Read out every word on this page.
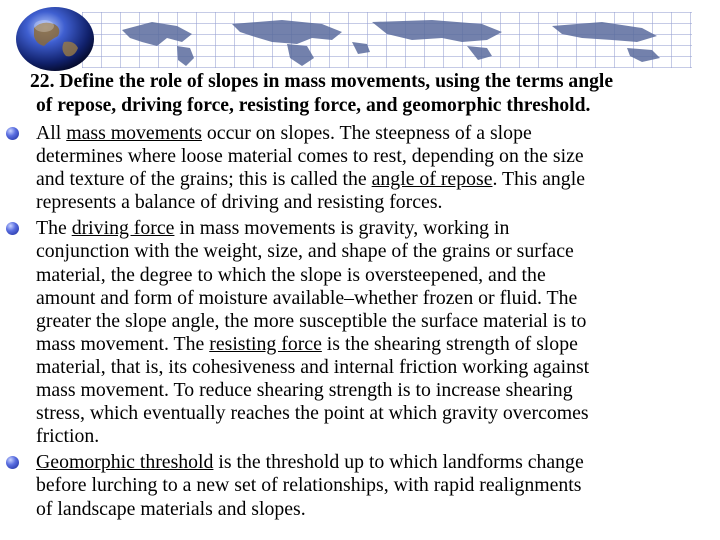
22. Define the role of slopes in mass movements, using the terms angle
of repose, driving force, resisting force, and geomorphic threshold.
All mass movements occur on slopes. The steepness of a slope
determines where loose material comes to rest, depending on the size
and texture of the grains; this is called the angle of repose. This angle
represents a balance of driving and resisting forces.
The driving force in mass movements is gravity, working in
conjunction with the weight, size, and shape of the grains or surface
material, the degree to which the slope is oversteepened, and the
amount and form of moisture available–whether frozen or fluid. The
greater the slope angle, the more susceptible the surface material is to
mass movement. The resisting force is the shearing strength of slope
material, that is, its cohesiveness and internal friction working against
mass movement. To reduce shearing strength is to increase shearing
stress, which eventually reaches the point at which gravity overcomes
friction.
Geomorphic threshold is the threshold up to which landforms change
before lurching to a new set of relationships, with rapid realignments
of landscape materials and slopes.
